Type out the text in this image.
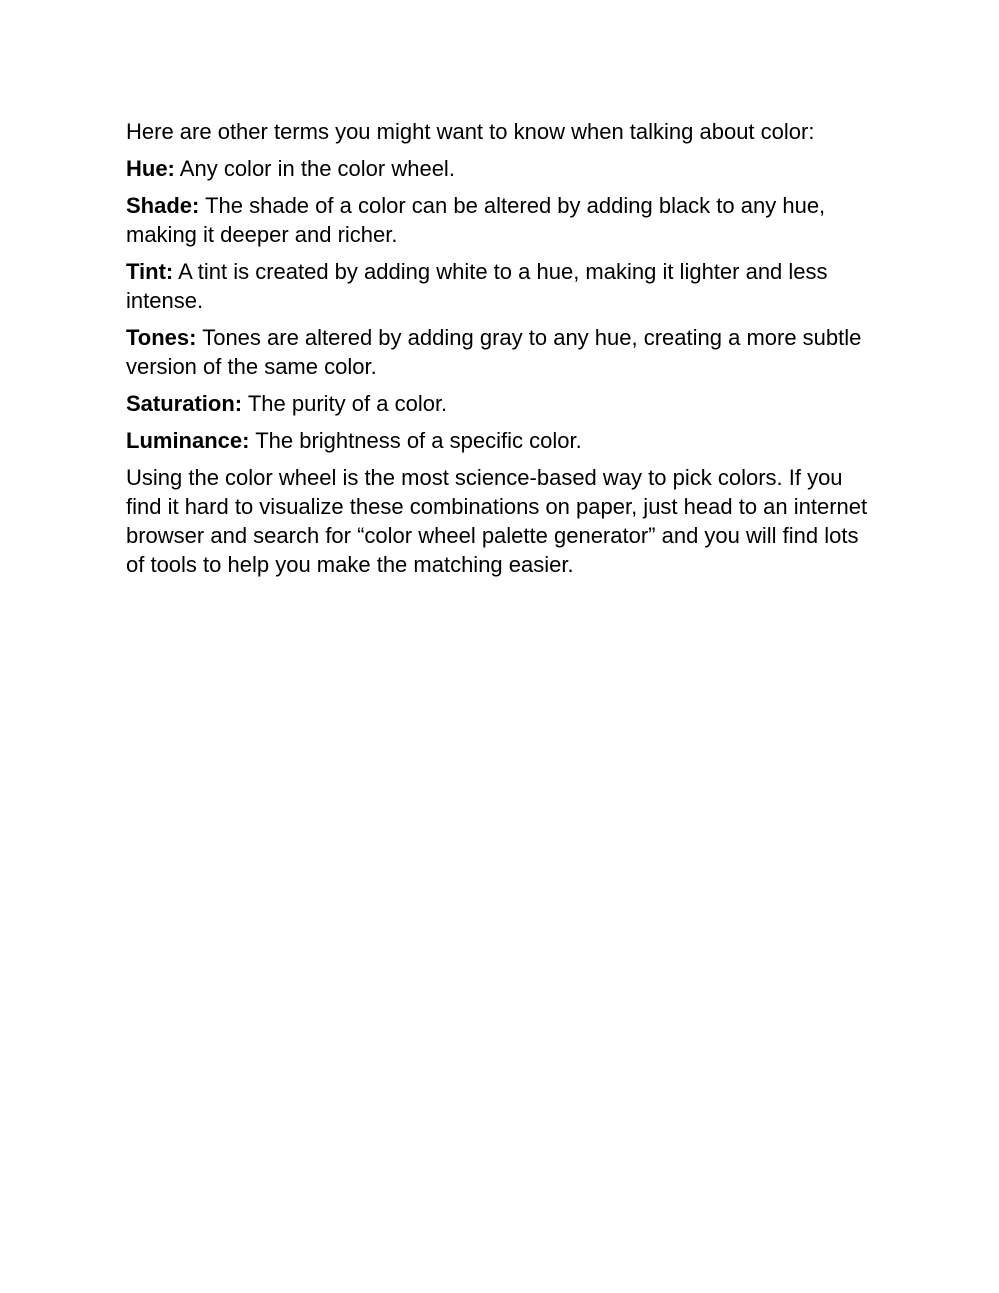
Here are other terms you might want to know when talking about color:

Hue: Any color in the color wheel.

Shade: The shade of a color can be altered by adding black to any hue, making it deeper and richer.

Tint: A tint is created by adding white to a hue, making it lighter and less intense.

Tones: Tones are altered by adding gray to any hue, creating a more subtle version of the same color.

Saturation: The purity of a color.

Luminance: The brightness of a specific color.

Using the color wheel is the most science-based way to pick colors. If you find it hard to visualize these combinations on paper, just head to an internet browser and search for “color wheel palette generator” and you will find lots of tools to help you make the matching easier.
